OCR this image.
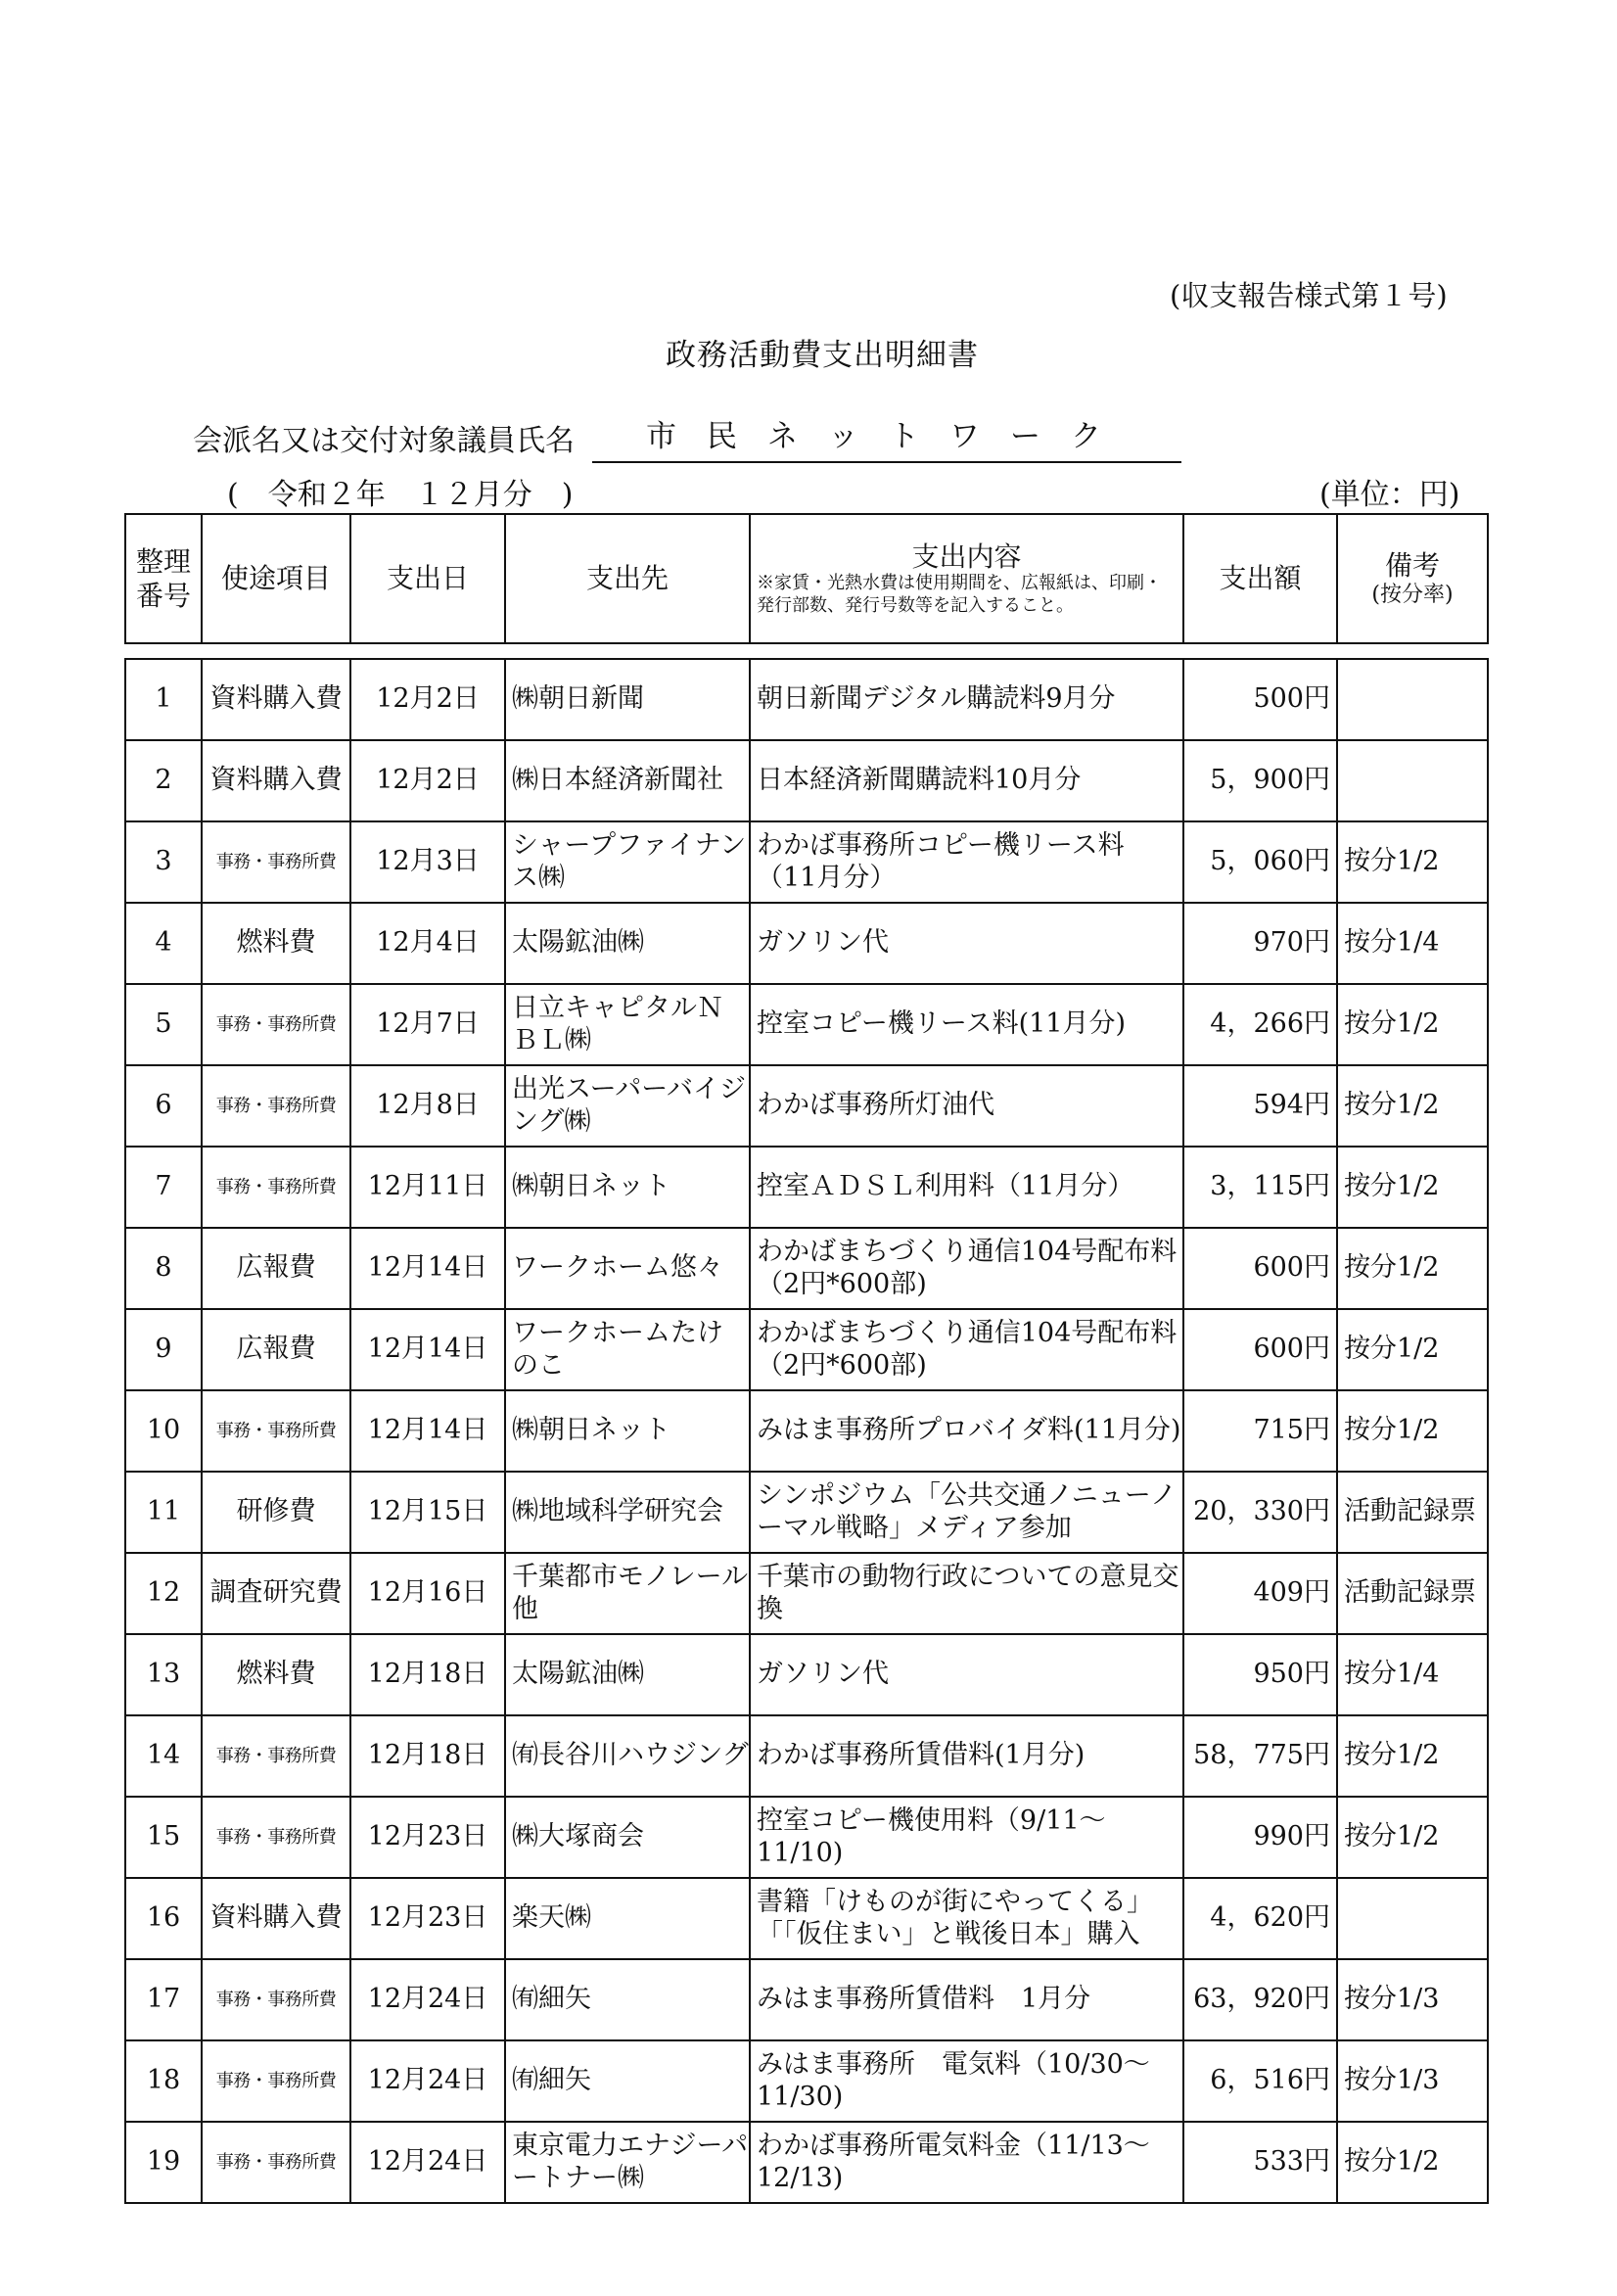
(収支報告様式第１号)
政務活動費支出明細書
会派名又は交付対象議員氏名	市　民　ネ　ッ　ト　ワ　ー　ク
(　令和２年　１２月分　)	(単位：円)
整理番号	使途項目	支出日	支出先	支出内容
※家賃・光熱水費は使用期間を、広報紙は、印刷・発行部数、発行号数等を記入すること。	支出額	備考
(按分率)

1	資料購入費	12月2日	㈱朝日新聞	朝日新聞デジタル購読料9月分	500円	
2	資料購入費	12月2日	㈱日本経済新聞社	日本経済新聞購読料10月分	5，900円	
3	事務・事務所費	12月3日	シャープファイナンス㈱	わかば事務所コピー機リース料（11月分）	5，060円	按分1/2
4	燃料費	12月4日	太陽鉱油㈱	ガソリン代	970円	按分1/4
5	事務・事務所費	12月7日	日立キャピタルＮＢＬ㈱	控室コピー機リース料(11月分)	4，266円	按分1/2
6	事務・事務所費	12月8日	出光スーパーバイジング㈱	わかば事務所灯油代	594円	按分1/2
7	事務・事務所費	12月11日	㈱朝日ネット	控室ＡＤＳＬ利用料（11月分）	3，115円	按分1/2
8	広報費	12月14日	ワークホーム悠々	わかばまちづくり通信104号配布料（2円*600部)	600円	按分1/2
9	広報費	12月14日	ワークホームたけのこ	わかばまちづくり通信104号配布料（2円*600部)	600円	按分1/2
10	事務・事務所費	12月14日	㈱朝日ネット	みはま事務所プロバイダ料(11月分)	715円	按分1/2
11	研修費	12月15日	㈱地域科学研究会	シンポジウム「公共交通ノニューノーマル戦略」メディア参加	20，330円	活動記録票
12	調査研究費	12月16日	千葉都市モノレール他	千葉市の動物行政についての意見交換	409円	活動記録票
13	燃料費	12月18日	太陽鉱油㈱	ガソリン代	950円	按分1/4
14	事務・事務所費	12月18日	㈲長谷川ハウジング	わかば事務所賃借料(1月分)	58，775円	按分1/2
15	事務・事務所費	12月23日	㈱大塚商会	控室コピー機使用料（9/11～11/10)	990円	按分1/2
16	資料購入費	12月23日	楽天㈱	書籍「けものが街にやってくる」「「仮住まい」と戦後日本」購入	4，620円	
17	事務・事務所費	12月24日	㈲細矢	みはま事務所賃借料　1月分	63，920円	按分1/3
18	事務・事務所費	12月24日	㈲細矢	みはま事務所　電気料（10/30～11/30)	6，516円	按分1/3
19	事務・事務所費	12月24日	東京電力エナジーパートナー㈱	わかば事務所電気料金（11/13～12/13)	533円	按分1/2
